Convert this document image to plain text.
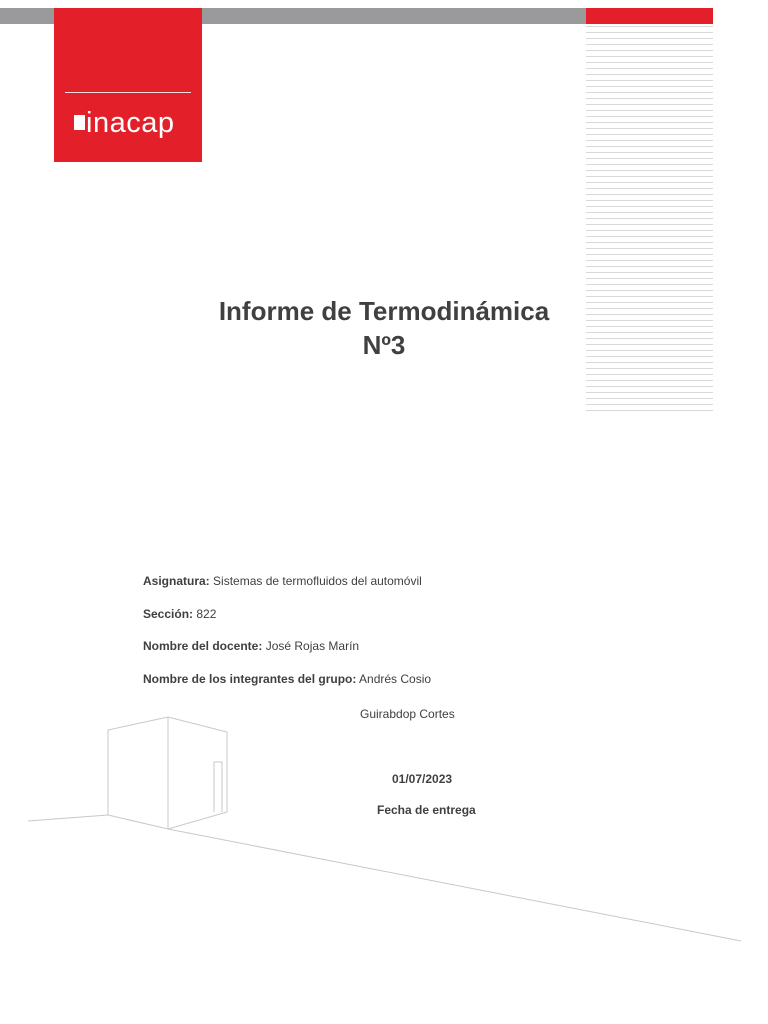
inacap
Informe de Termodinámica
Nº3
Asignatura: Sistemas de termofluidos del automóvil
Sección: 822
Nombre del docente: José Rojas Marín
Nombre de los integrantes del grupo: Andrés Cosio
Guirabdop Cortes
01/07/2023
Fecha de entrega
